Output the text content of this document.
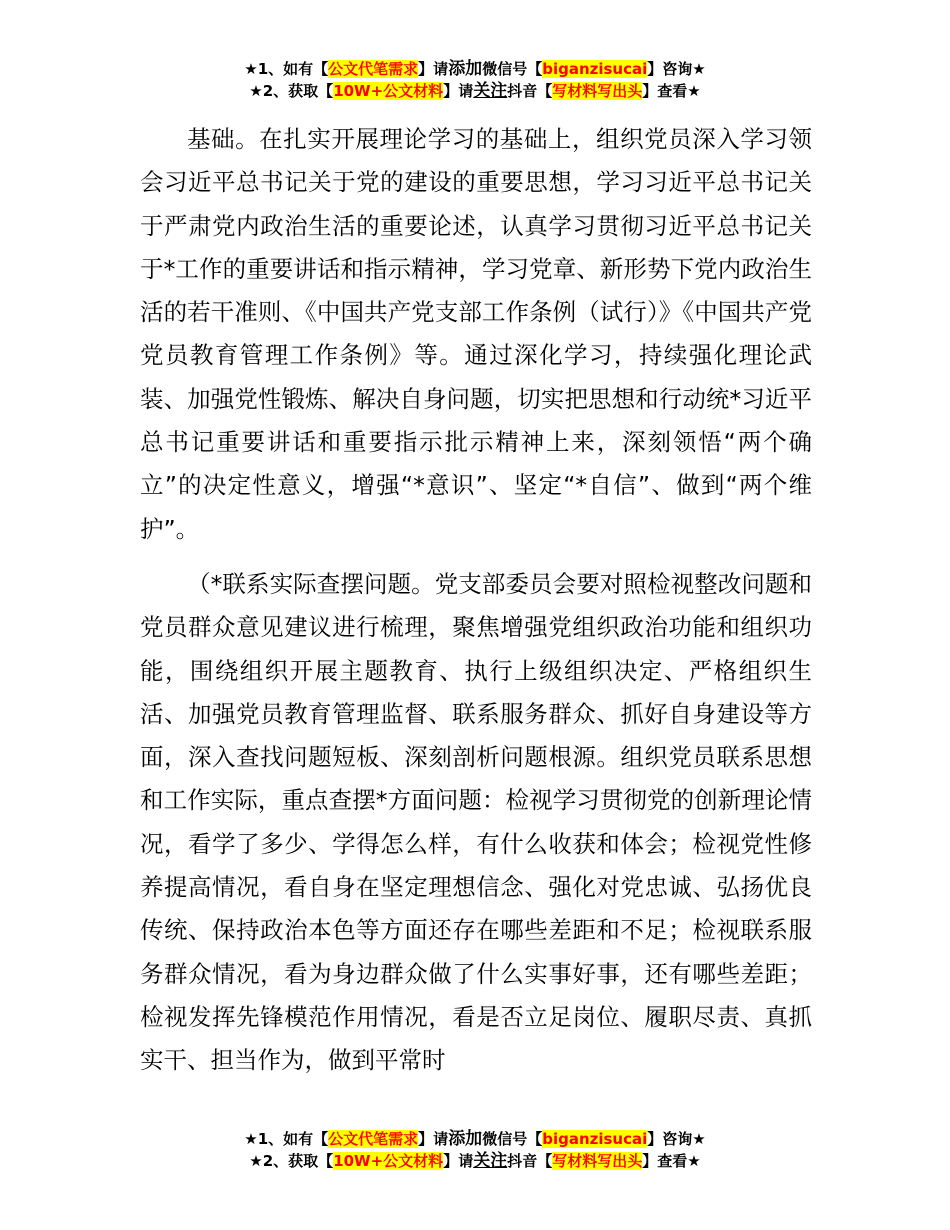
★1、如有【公文代笔需求】请添加微信号【biganzisucai】咨询★
★2、获取【10W+公文材料】请关注抖音【写材料写出头】查看★

基础。在扎实开展理论学习的基础上，组织党员深入学习领会习近平总书记关于党的建设的重要思想，学习习近平总书记关于严肃党内政治生活的重要论述，认真学习贯彻习近平总书记关于*工作的重要讲话和指示精神，学习党章、新形势下党内政治生活的若干准则、《中国共产党支部工作条例（试行）》《中国共产党党员教育管理工作条例》等。通过深化学习，持续强化理论武装、加强党性锻炼、解决自身问题，切实把思想和行动统*习近平总书记重要讲话和重要指示批示精神上来，深刻领悟“两个确立”的决定性意义，增强“*意识”、坚定“*自信”、做到“两个维护”。

（*联系实际查摆问题。党支部委员会要对照检视整改问题和党员群众意见建议进行梳理，聚焦增强党组织政治功能和组织功能，围绕组织开展主题教育、执行上级组织决定、严格组织生活、加强党员教育管理监督、联系服务群众、抓好自身建设等方面，深入查找问题短板、深刻剖析问题根源。组织党员联系思想和工作实际，重点查摆*方面问题：检视学习贯彻党的创新理论情况，看学了多少、学得怎么样，有什么收获和体会；检视党性修养提高情况，看自身在坚定理想信念、强化对党忠诚、弘扬优良传统、保持政治本色等方面还存在哪些差距和不足；检视联系服务群众情况，看为身边群众做了什么实事好事，还有哪些差距；检视发挥先锋模范作用情况，看是否立足岗位、履职尽责、真抓实干、担当作为，做到平常时

★1、如有【公文代笔需求】请添加微信号【biganzisucai】咨询★
★2、获取【10W+公文材料】请关注抖音【写材料写出头】查看★
